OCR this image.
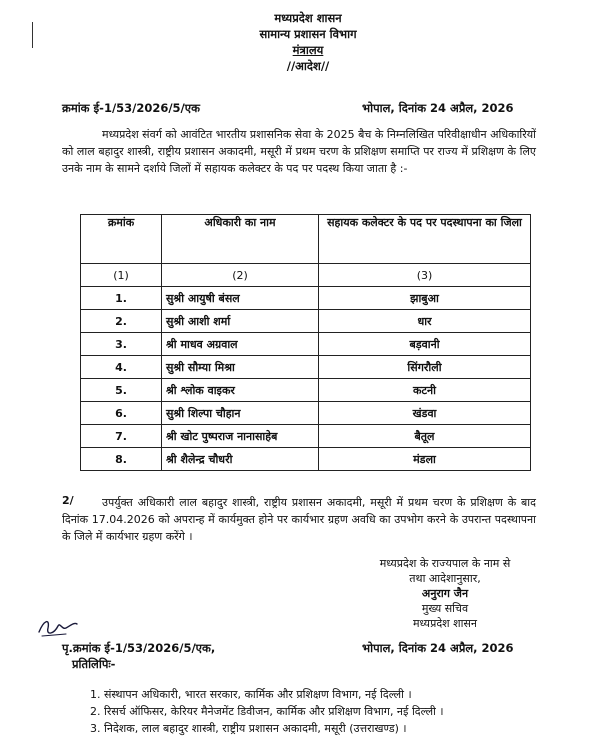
मध्यप्रदेश शासन
सामान्य प्रशासन विभाग
मंत्रालय
//आदेश//
क्रमांक ई-1/53/2026/5/एक	भोपाल, दिनांक 24 अप्रैल, 2026
मध्यप्रदेश संवर्ग को आवंटित भारतीय प्रशासनिक सेवा के 2025 बैच के निम्नलिखित परिवीक्षाधीन अधिकारियों को लाल बहादुर शास्त्री, राष्ट्रीय प्रशासन अकादमी, मसूरी में प्रथम चरण के प्रशिक्षण समाप्ति पर राज्य में प्रशिक्षण के लिए उनके नाम के सामने दर्शाये जिलों में सहायक कलेक्टर के पद पर पदस्थ किया जाता है :-
क्रमांक	अधिकारी का नाम	सहायक कलेक्टर के पद पर पदस्थापना का जिला
(1)	(2)	(3)
1.	सुश्री आयुषी बंसल	झाबुआ
2.	सुश्री आशी शर्मा	धार
3.	श्री माधव अग्रवाल	बड़वानी
4.	सुश्री सौम्या मिश्रा	सिंगरौली
5.	श्री श्लोक वाइकर	कटनी
6.	सुश्री शिल्पा चौहान	खंडवा
7.	श्री खोट पुष्पराज नानासाहेब	बैतूल
8.	श्री शैलेन्द्र चौधरी	मंडला
2/	उपर्युक्त अधिकारी लाल बहादुर शास्त्री, राष्ट्रीय प्रशासन अकादमी, मसूरी में प्रथम चरण के प्रशिक्षण के बाद दिनांक 17.04.2026 को अपरान्ह में कार्यमुक्त होने पर कार्यभार ग्रहण अवधि का उपभोग करने के उपरान्त पदस्थापना के जिले में कार्यभार ग्रहण करेंगे ।
मध्यप्रदेश के राज्यपाल के नाम से
तथा आदेशानुसार,
अनुराग जैन
मुख्य सचिव
मध्यप्रदेश शासन
पृ.क्रमांक ई-1/53/2026/5/एक,	भोपाल, दिनांक 24 अप्रैल, 2026
प्रतिलिपिः-
1. संस्थापन अधिकारी, भारत सरकार, कार्मिक और प्रशिक्षण विभाग, नई दिल्ली ।
2. रिसर्च ऑफिसर, केरियर मैनेजमेंट डिवीजन, कार्मिक और प्रशिक्षण विभाग, नई दिल्ली ।
3. निदेशक, लाल बहादुर शास्त्री, राष्ट्रीय प्रशासन अकादमी, मसूरी (उत्तराखण्ड) ।
